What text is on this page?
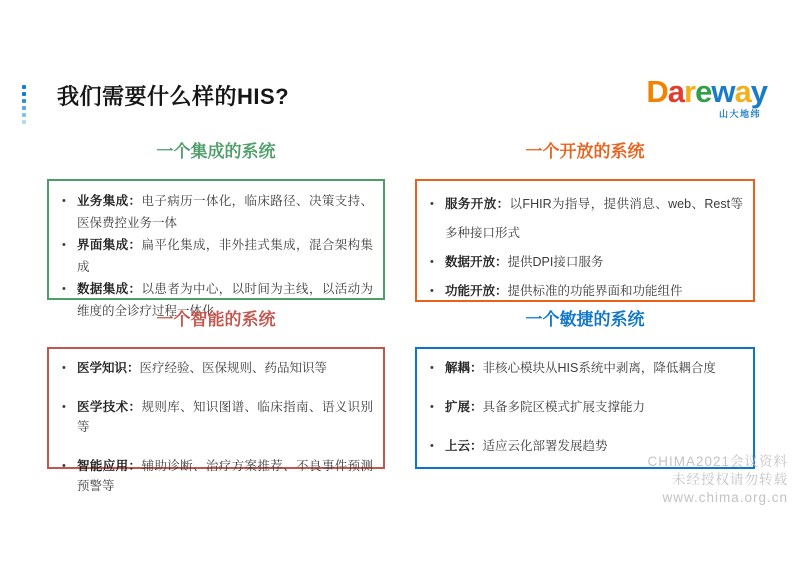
我们需要什么样的HIS?	Dareway
山大地纬
一个集成的系统
• 业务集成：电子病历一体化，临床路径、决策支持、医保费控业务一体
• 界面集成：扁平化集成，非外挂式集成，混合架构集成
• 数据集成：以患者为中心，以时间为主线，以活动为维度的全诊疗过程一体化
一个开放的系统
• 服务开放：以FHIR为指导，提供消息、web、Rest等多种接口形式
• 数据开放：提供DPI接口服务
• 功能开放：提供标准的功能界面和功能组件
一个智能的系统
• 医学知识：医疗经验、医保规则、药品知识等
• 医学技术：规则库、知识图谱、临床指南、语义识别等
• 智能应用：辅助诊断、治疗方案推荐、不良事件预测预警等
一个敏捷的系统
• 解耦：非核心模块从HIS系统中剥离，降低耦合度
• 扩展：具备多院区模式扩展支撑能力
• 上云：适应云化部署发展趋势
CHIMA2021会议资料
未经授权请勿转载
www.chima.org.cn
